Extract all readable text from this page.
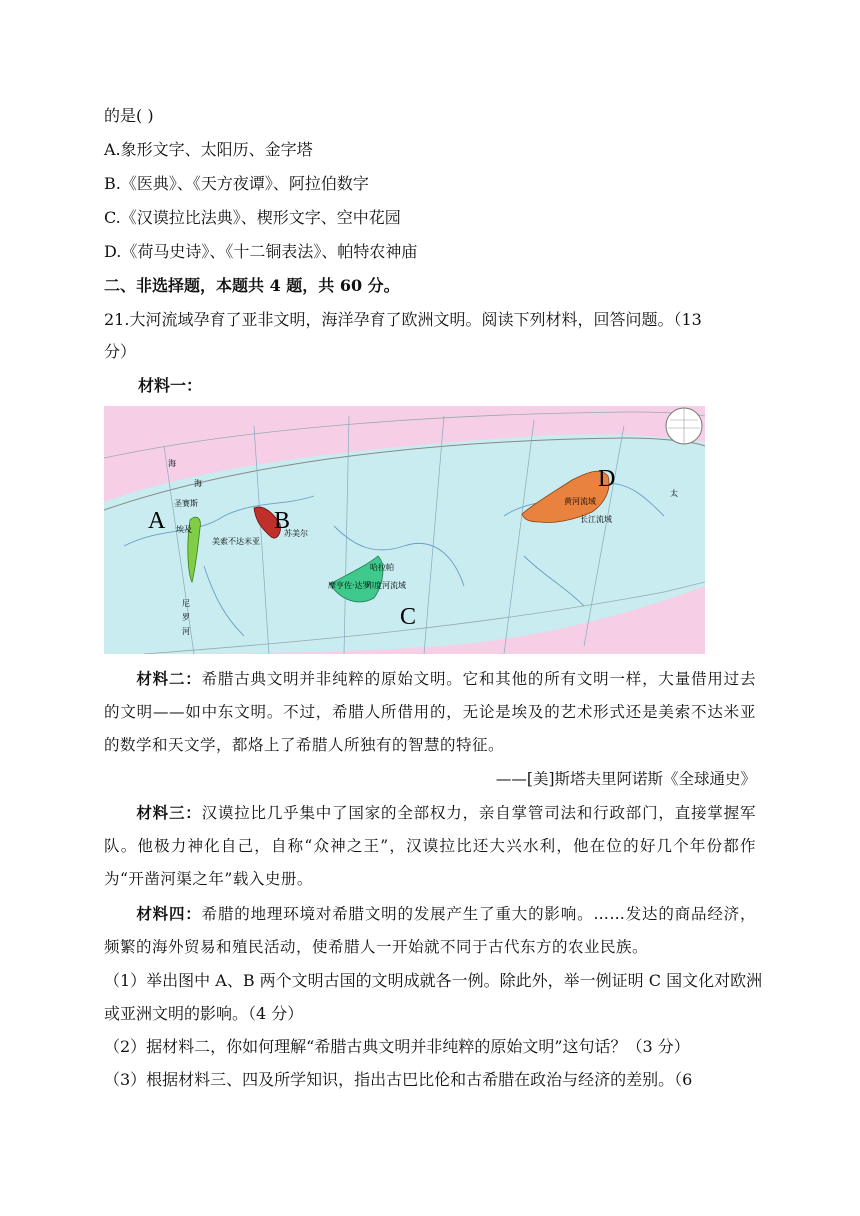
的是( )
A.象形文字、太阳历、金字塔
B.《医典》、《天方夜谭》、阿拉伯数字
C.《汉谟拉比法典》、楔形文字、空中花园
D.《荷马史诗》、《十二铜表法》、帕特农神庙
二、非选择题，本题共 4 题，共 60 分。
21.大河流域孕育了亚非文明，海洋孕育了欧洲文明。阅读下列材料，回答问题。（13
分）
材料一：
A	B
C
D
圣赛斯
埃及
美索不达米亚
苏美尔
哈拉帕
摩亨佐·达罗
印度河流域
黄河流域
长江流域
尼
罗
河
海
海
太
材料二：希腊古典文明并非纯粹的原始文明。它和其他的所有文明一样，大量借用过去的文明——如中东文明。不过，希腊人所借用的，无论是埃及的艺术形式还是美索不达米亚的数学和天文学，都烙上了希腊人所独有的智慧的特征。
——[美]斯塔夫里阿诺斯《全球通史》
材料三：汉谟拉比几乎集中了国家的全部权力，亲自掌管司法和行政部门，直接掌握军队。他极力神化自己，自称“众神之王”，汉谟拉比还大兴水利，他在位的好几个年份都作为“开凿河渠之年”载入史册。
材料四：希腊的地理环境对希腊文明的发展产生了重大的影响。……发达的商品经济，频繁的海外贸易和殖民活动，使希腊人一开始就不同于古代东方的农业民族。
（1）举出图中 A、B 两个文明古国的文明成就各一例。除此外，举一例证明 C 国文化对欧洲或亚洲文明的影响。（4 分）
（2）据材料二，你如何理解“希腊古典文明并非纯粹的原始文明”这句话？（3 分）
（3）根据材料三、四及所学知识，指出古巴比伦和古希腊在政治与经济的差别。（6
